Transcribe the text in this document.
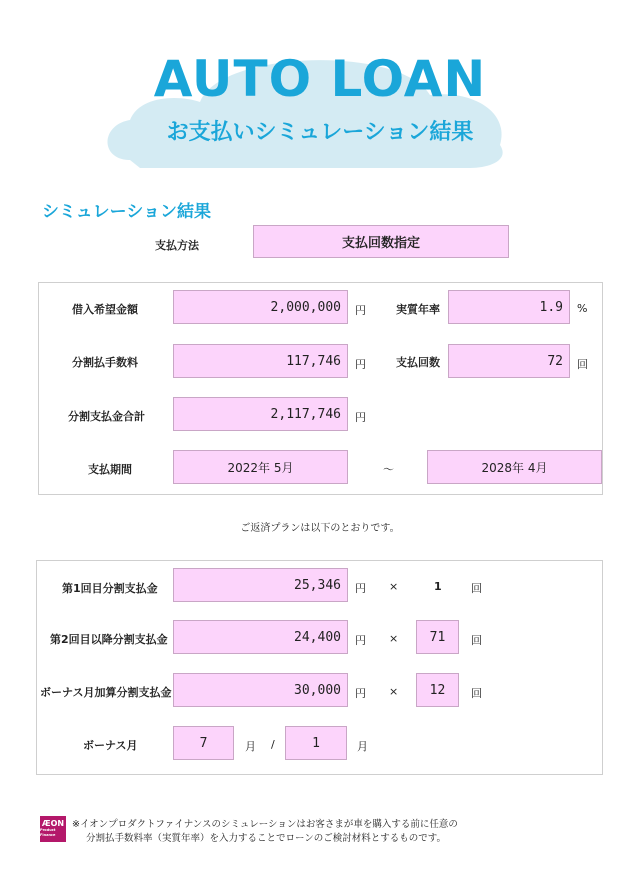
AUTO LOAN
お支払いシミュレーション結果
シミュレーション結果
支払方法	支払回数指定
借入希望金額	2,000,000	円	実質年率	1.9	%
分割払手数料	117,746	円	支払回数	72	回
分割支払金合計	2,117,746	円
支払期間	2022年 5月	～	2028年 4月
ご返済プランは以下のとおりです。
第1回目分割支払金	25,346	円 ×	1	回
第2回目以降分割支払金	24,400	円 ×	71	回
ボーナス月加算分割支払金	30,000	円 ×	12	回
ボーナス月	7	月 /	1	月
ÆON
Product Finance
※イオンプロダクトファイナンスのシミュレーションはお客さまが車を購入する前に任意の
分割払手数料率（実質年率）を入力することでローンのご検討材料とするものです。
